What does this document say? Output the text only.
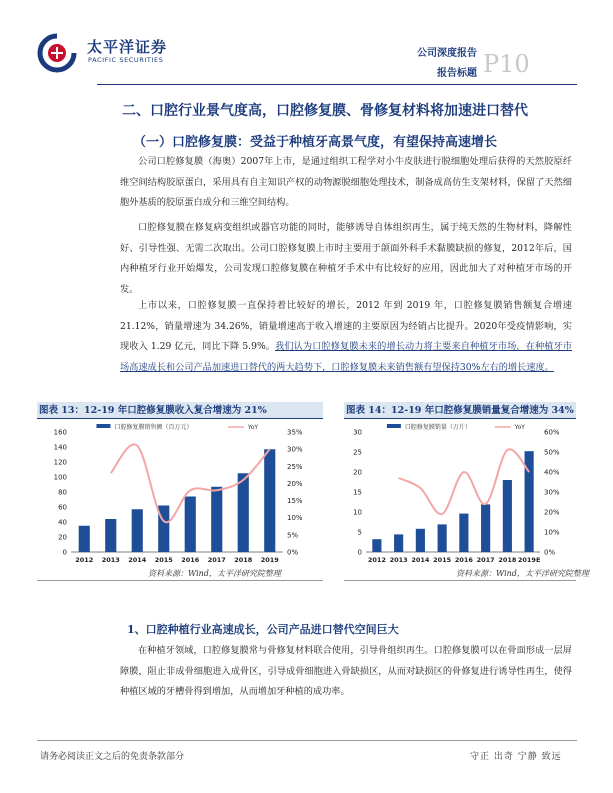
太平洋证券
PACIFIC SECURITIES
公司深度报告
报告标题 P10
二、口腔行业景气度高，口腔修复膜、骨修复材料将加速进口替代
（一）口腔修复膜：受益于种植牙高景气度，有望保持高速增长

公司口腔修复膜（海奥）2007年上市，是通过组织工程学对小牛皮肤进行脱细胞处理后获得的天然胶原纤维空间结构胶原蛋白，采用具有自主知识产权的动物源脱细胞处理技术，制备成高仿生支架材料，保留了天然细胞外基质的胶原蛋白成分和三维空间结构。

口腔修复膜在修复病变组织或器官功能的同时，能够诱导自体组织再生，属于纯天然的生物材料，降解性好、引导性强、无需二次取出。公司口腔修复膜上市时主要用于颌面外科手术黏膜缺损的修复，2012年后，国内种植牙行业开始爆发，公司发现口腔修复膜在种植牙手术中有比较好的应用，因此加大了对种植牙市场的开发。

上市以来，口腔修复膜一直保持着比较好的增长，2012 年到 2019 年，口腔修复膜销售额复合增速 21.12%，销量增速为 34.26%，销量增速高于收入增速的主要原因为经销占比提升。2020年受疫情影响，实现收入 1.29 亿元，同比下降 5.9%。我们认为口腔修复膜未来的增长动力将主要来自种植牙市场，在种植牙市场高速成长和公司产品加速进口替代的两大趋势下，口腔修复膜未来销售额有望保持30%左右的增长速度。

图表 13：12-19 年口腔修复膜收入复合增速为 21%
口腔修复膜销售额（百万元）	YoY
0
20
40
60
80
100
120
140
160
0%
5%
10%
15%
20%
25%
30%
35%
2012 2013 2014 2015 2016 2017 2018 2019
图表 14：12-19 年口腔修复膜销量复合增速为 34%
口腔修复膜销量（万片）	YoY
0
5
10
15
20
25
30
0%
10%
20%
30%
40%
50%
60%
2012 2013 2014 2015 2016 2017 2018 2019E
资料来源：Wind，太平洋研究院整理	资料来源：Wind，太平洋研究院整理
1、口腔种植行业高速成长，公司产品进口替代空间巨大

在种植牙领域，口腔修复膜常与骨修复材料联合使用，引导骨组织再生。口腔修复膜可以在骨面形成一层屏障膜，阻止非成骨细胞进入成骨区，引导成骨细胞进入骨缺损区，从而对缺损区的骨修复进行诱导性再生，使得种植区域的牙槽骨得到增加，从而增加牙种植的成功率。

请务必阅读正文之后的免责条款部分	守正 出奇 宁静 致远
